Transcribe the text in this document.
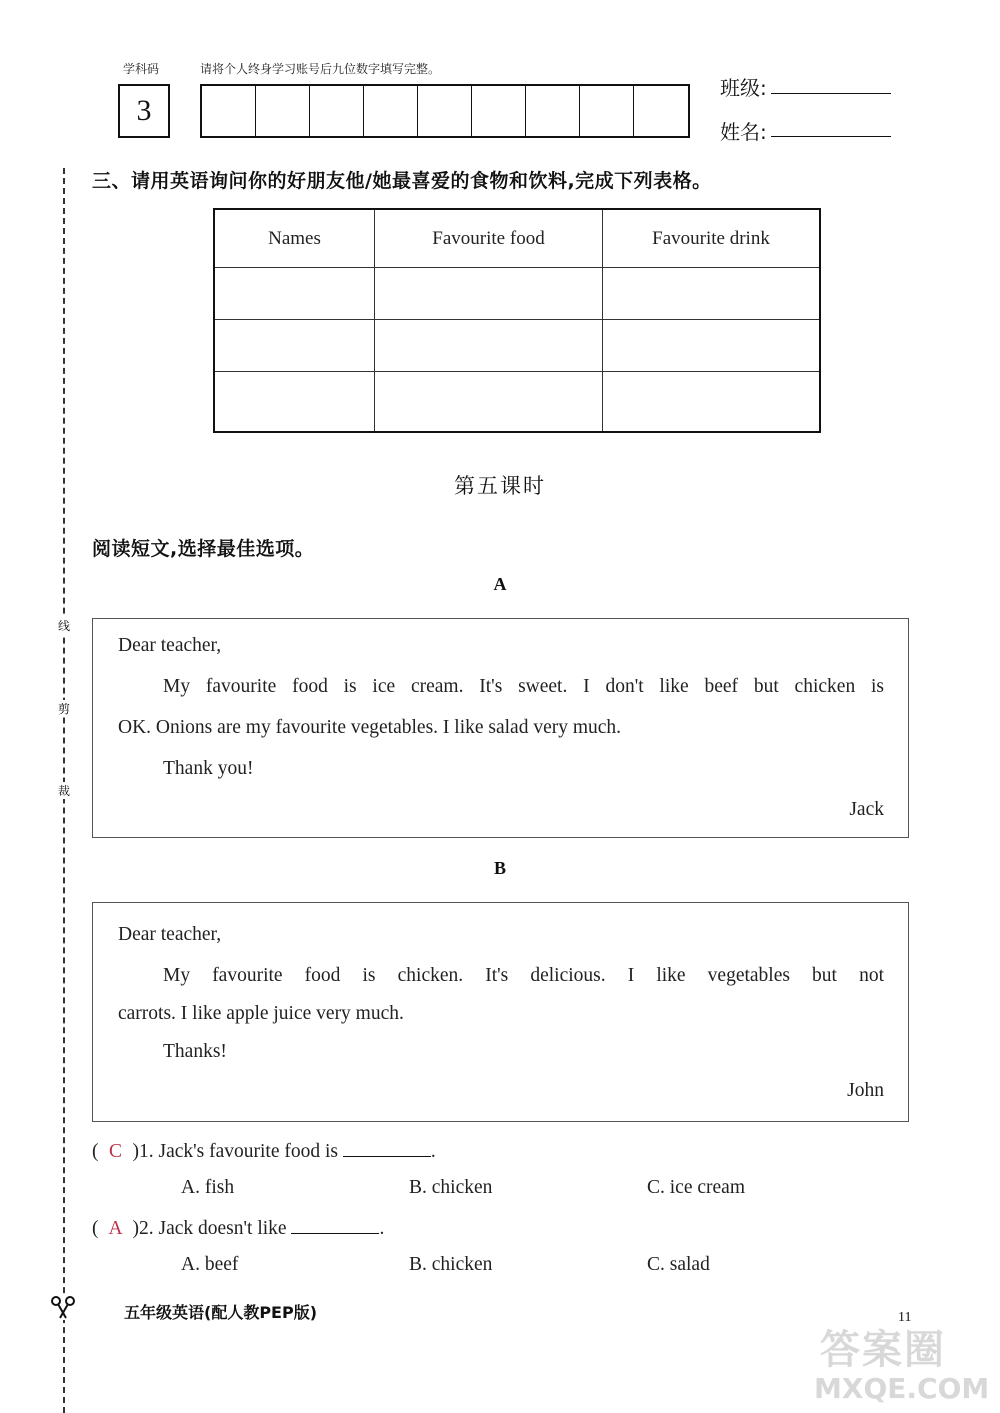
学科码	请将个人终身学习账号后九位数字填写完整。
3
班级:
姓名:
线
剪
裁
三、请用英语询问你的好朋友他/她最喜爱的食物和饮料,完成下列表格。
Names	Favourite food	Favourite drink

第五课时
阅读短文,选择最佳选项。
A
Dear teacher,
My favourite food is ice cream. It's sweet. I don't like beef but chicken is
OK. Onions are my favourite vegetables. I like salad very much.
Thank you!
Jack
B
Dear teacher,
My favourite food is chicken. It's delicious. I like vegetables but not
carrots. I like apple juice very much.
Thanks!
John
( C )1. Jack's favourite food is	.
A. fish	B. chicken	C. ice cream
( A )2. Jack doesn't like	.
A. beef	B. chicken	C. salad
五年级英语(配人教PEP版)	11
答案圈
MXQE.COM
